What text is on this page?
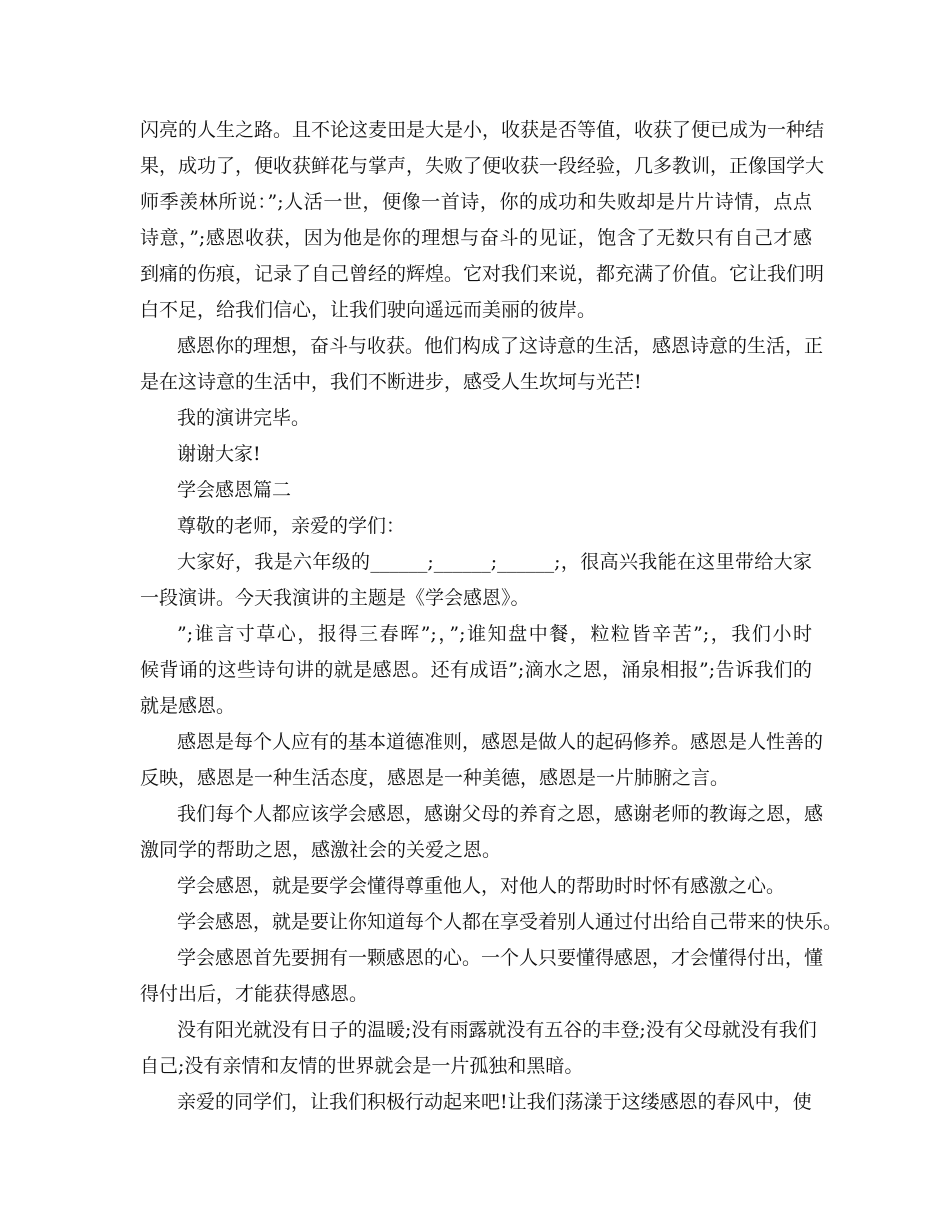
闪亮的人生之路。且不论这麦田是大是小，收获是否等值，收获了便已成为一种结
果，成功了，便收获鲜花与掌声，失败了便收获一段经验，几多教训，正像国学大
师季羡林所说：”;人活一世，便像一首诗，你的成功和失败却是片片诗情，点点
诗意，”;感恩收获，因为他是你的理想与奋斗的见证，饱含了无数只有自己才感
到痛的伤痕，记录了自己曾经的辉煌。它对我们来说，都充满了价值。它让我们明
白不足，给我们信心，让我们驶向遥远而美丽的彼岸。

感恩你的理想，奋斗与收获。他们构成了这诗意的生活，感恩诗意的生活，正
是在这诗意的生活中，我们不断进步，感受人生坎坷与光芒!

我的演讲完毕。

谢谢大家!

学会感恩篇二

尊敬的老师，亲爱的学们：

大家好，我是六年级的______;______;______;，很高兴我能在这里带给大家
一段演讲。今天我演讲的主题是《学会感恩》。

”;谁言寸草心，报得三春晖”;，”;谁知盘中餐，粒粒皆辛苦”;，我们小时
候背诵的这些诗句讲的就是感恩。还有成语”;滴水之恩，涌泉相报”;告诉我们的
就是感恩。

感恩是每个人应有的基本道德准则，感恩是做人的起码修养。感恩是人性善的
反映，感恩是一种生活态度，感恩是一种美德，感恩是一片肺腑之言。

我们每个人都应该学会感恩，感谢父母的养育之恩，感谢老师的教诲之恩，感
激同学的帮助之恩，感激社会的关爱之恩。

学会感恩，就是要学会懂得尊重他人，对他人的帮助时时怀有感激之心。

学会感恩，就是要让你知道每个人都在享受着别人通过付出给自己带来的快乐。

学会感恩首先要拥有一颗感恩的心。一个人只要懂得感恩，才会懂得付出，懂
得付出后，才能获得感恩。

没有阳光就没有日子的温暖;没有雨露就没有五谷的丰登;没有父母就没有我们
自己;没有亲情和友情的世界就会是一片孤独和黑暗。

亲爱的同学们，让我们积极行动起来吧!让我们荡漾于这缕感恩的春风中，使
